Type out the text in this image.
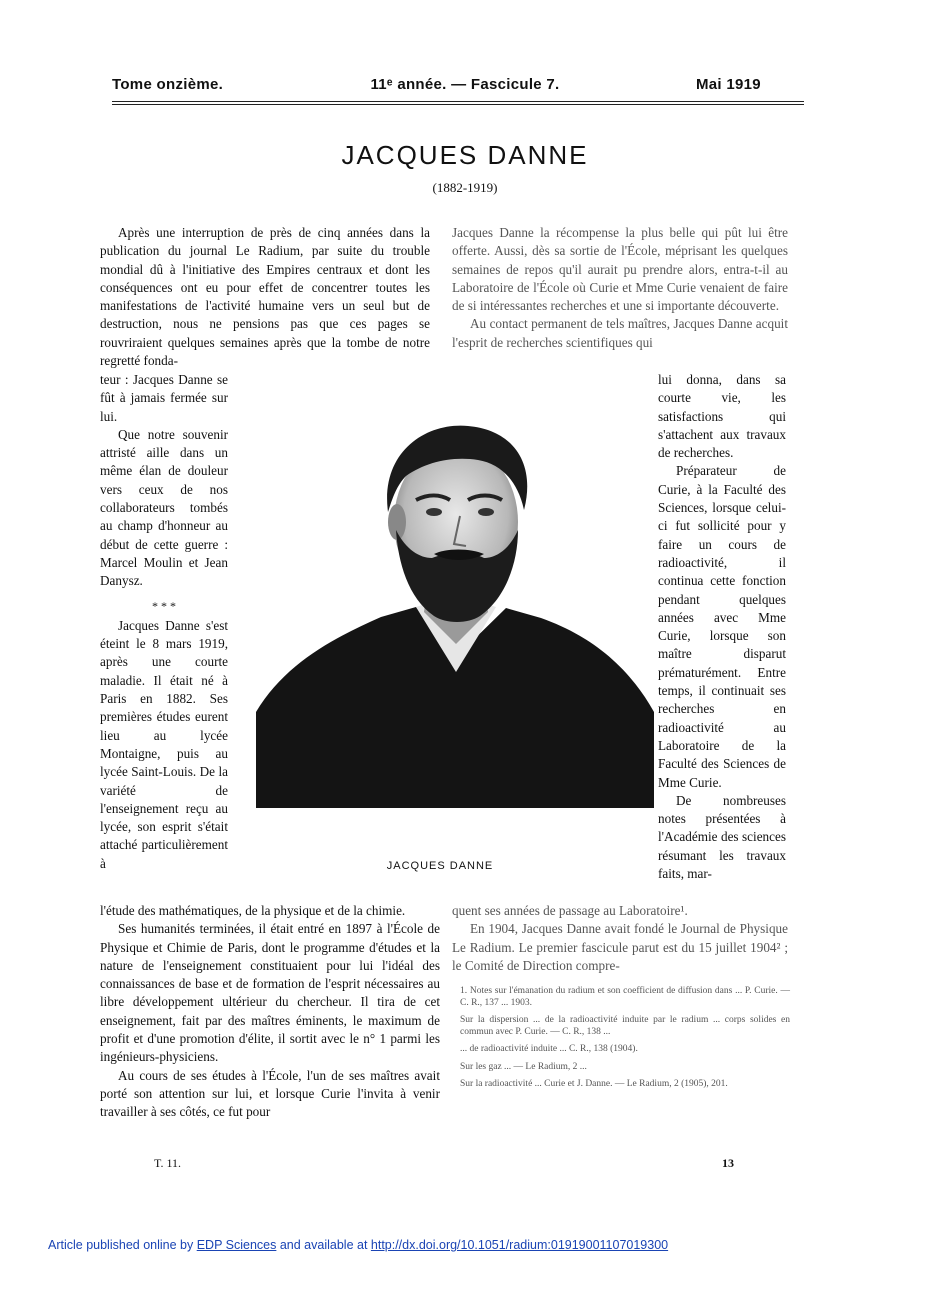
Tome onzième.	11ᵉ année. — Fascicule 7.	Mai 1919
JACQUES DANNE
(1882-1919)

Après une interruption de près de cinq années dans la publication du journal Le Radium, par suite du trouble mondial dû à l'initiative des Empires centraux et dont les conséquences ont eu pour effet de concentrer toutes les manifestations de l'activité humaine vers un seul but de destruction, nous ne pensions pas que ces pages se rouvriraient quelques semaines après que la tombe de notre regretté fonda-

teur : Jacques Danne se fût à jamais fermée sur lui.

Que notre souvenir attristé aille dans un même élan de douleur vers ceux de nos collaborateurs tombés au champ d'honneur au début de cette guerre : Marcel Moulin et Jean Danysz.

* * *

Jacques Danne s'est éteint le 8 mars 1919, après une courte maladie. Il était né à Paris en 1882. Ses premières études eurent lieu au lycée Montaigne, puis au lycée Saint-Louis. De la variété de l'enseignement reçu au lycée, son esprit s'était attaché particulièrement à

l'étude des mathématiques, de la physique et de la chimie.

Ses humanités terminées, il était entré en 1897 à l'École de Physique et Chimie de Paris, dont le programme d'études et la nature de l'enseignement constituaient pour lui l'idéal des connaissances de base et de formation de l'esprit nécessaires au libre développement ultérieur du chercheur. Il tira de cet enseignement, fait par des maîtres éminents, le maximum de profit et d'une promotion d'élite, il sortit avec le n° 1 parmi les ingénieurs-physiciens.

Au cours de ses études à l'École, l'un de ses maîtres avait porté son attention sur lui, et lorsque Curie l'invita à venir travailler à ses côtés, ce fut pour

Jacques Danne la récompense la plus belle qui pût lui être offerte. Aussi, dès sa sortie de l'École, méprisant les quelques semaines de repos qu'il aurait pu prendre alors, entra-t-il au Laboratoire de l'École où Curie et Mme Curie venaient de faire de si intéressantes recherches et une si importante découverte.

Au contact permanent de tels maîtres, Jacques Danne acquit l'esprit de recherches scientifiques qui

lui donna, dans sa courte vie, les satisfactions qui s'attachent aux travaux de recherches.

Préparateur de Curie, à la Faculté des Sciences, lorsque celui-ci fut sollicité pour y faire un cours de radioactivité, il continua cette fonction pendant quelques années avec Mme Curie, lorsque son maître disparut prématurément. Entre temps, il continuait ses recherches en radioactivité au Laboratoire de la Faculté des Sciences de Mme Curie.

De nombreuses notes présentées à l'Académie des sciences résumant les travaux faits, mar-

quent ses années de passage au Laboratoire¹.

En 1904, Jacques Danne avait fondé le Journal de Physique Le Radium. Le premier fascicule parut est du 15 juillet 1904² ; le Comité de Direction compre-

1. Notes sur l'émanation du radium et son coefficient de diffusion dans ... P. Curie. — C. R., 137 ... 1903.
Sur la dispersion ... de la radioactivité induite par le radium ... corps solides en commun avec P. Curie. — C. R., 138 ...
... de radioactivité induite ... C. R., 138 (1904).
Sur les gaz ... — Le Radium, 2 ...
Sur la radioactivité ... Curie et J. Danne. — Le Radium, 2 (1905), 201.
JACQUES DANNE
T. 11.	13
Article published online by EDP Sciences and available at http://dx.doi.org/10.1051/radium:01919001107019300
